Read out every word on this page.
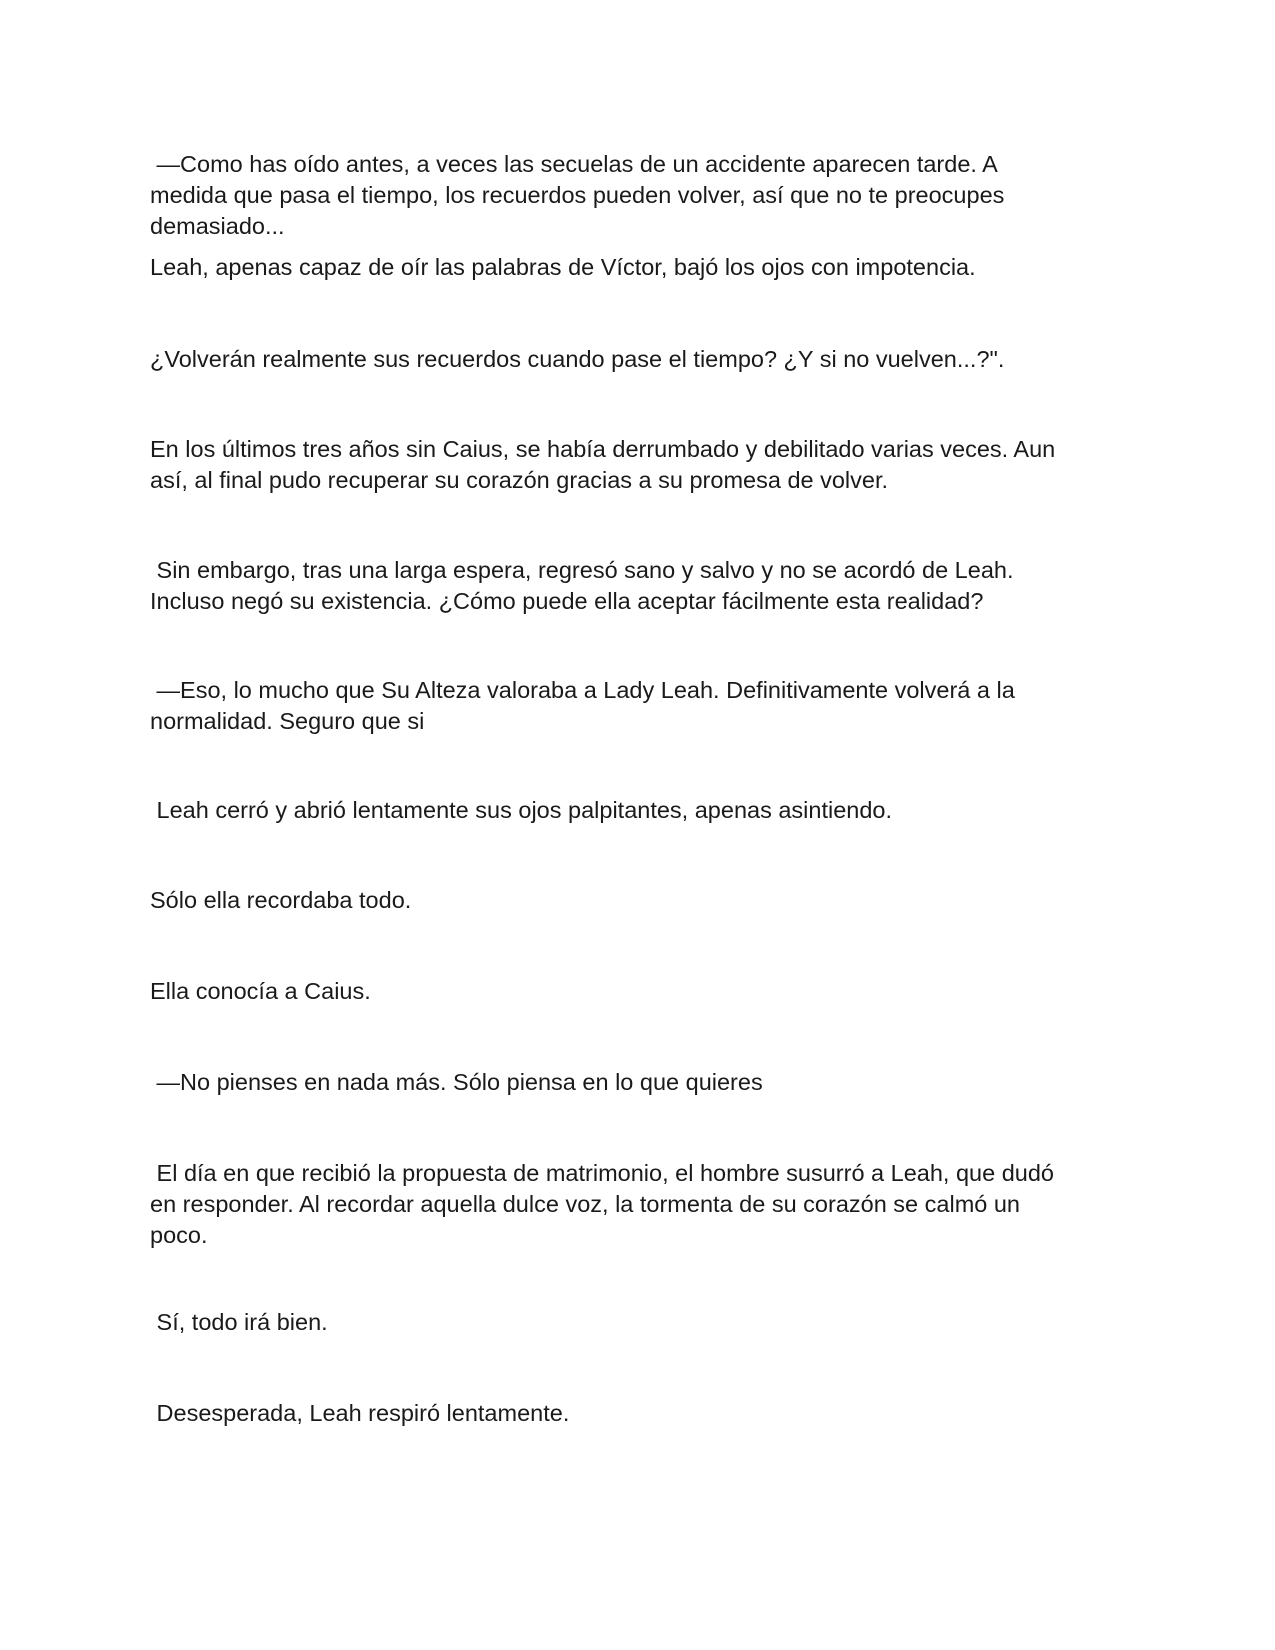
—Como has oído antes, a veces las secuelas de un accidente aparecen tarde. A
medida que pasa el tiempo, los recuerdos pueden volver, así que no te preocupes
demasiado...

Leah, apenas capaz de oír las palabras de Víctor, bajó los ojos con impotencia.

¿Volverán realmente sus recuerdos cuando pase el tiempo? ¿Y si no vuelven...?".

En los últimos tres años sin Caius, se había derrumbado y debilitado varias veces. Aun
así, al final pudo recuperar su corazón gracias a su promesa de volver.

Sin embargo, tras una larga espera, regresó sano y salvo y no se acordó de Leah.
Incluso negó su existencia. ¿Cómo puede ella aceptar fácilmente esta realidad?

—Eso, lo mucho que Su Alteza valoraba a Lady Leah. Definitivamente volverá a la
normalidad. Seguro que si

Leah cerró y abrió lentamente sus ojos palpitantes, apenas asintiendo.

Sólo ella recordaba todo.

Ella conocía a Caius.

—No pienses en nada más. Sólo piensa en lo que quieres

El día en que recibió la propuesta de matrimonio, el hombre susurró a Leah, que dudó
en responder. Al recordar aquella dulce voz, la tormenta de su corazón se calmó un
poco.

Sí, todo irá bien.

Desesperada, Leah respiró lentamente.
